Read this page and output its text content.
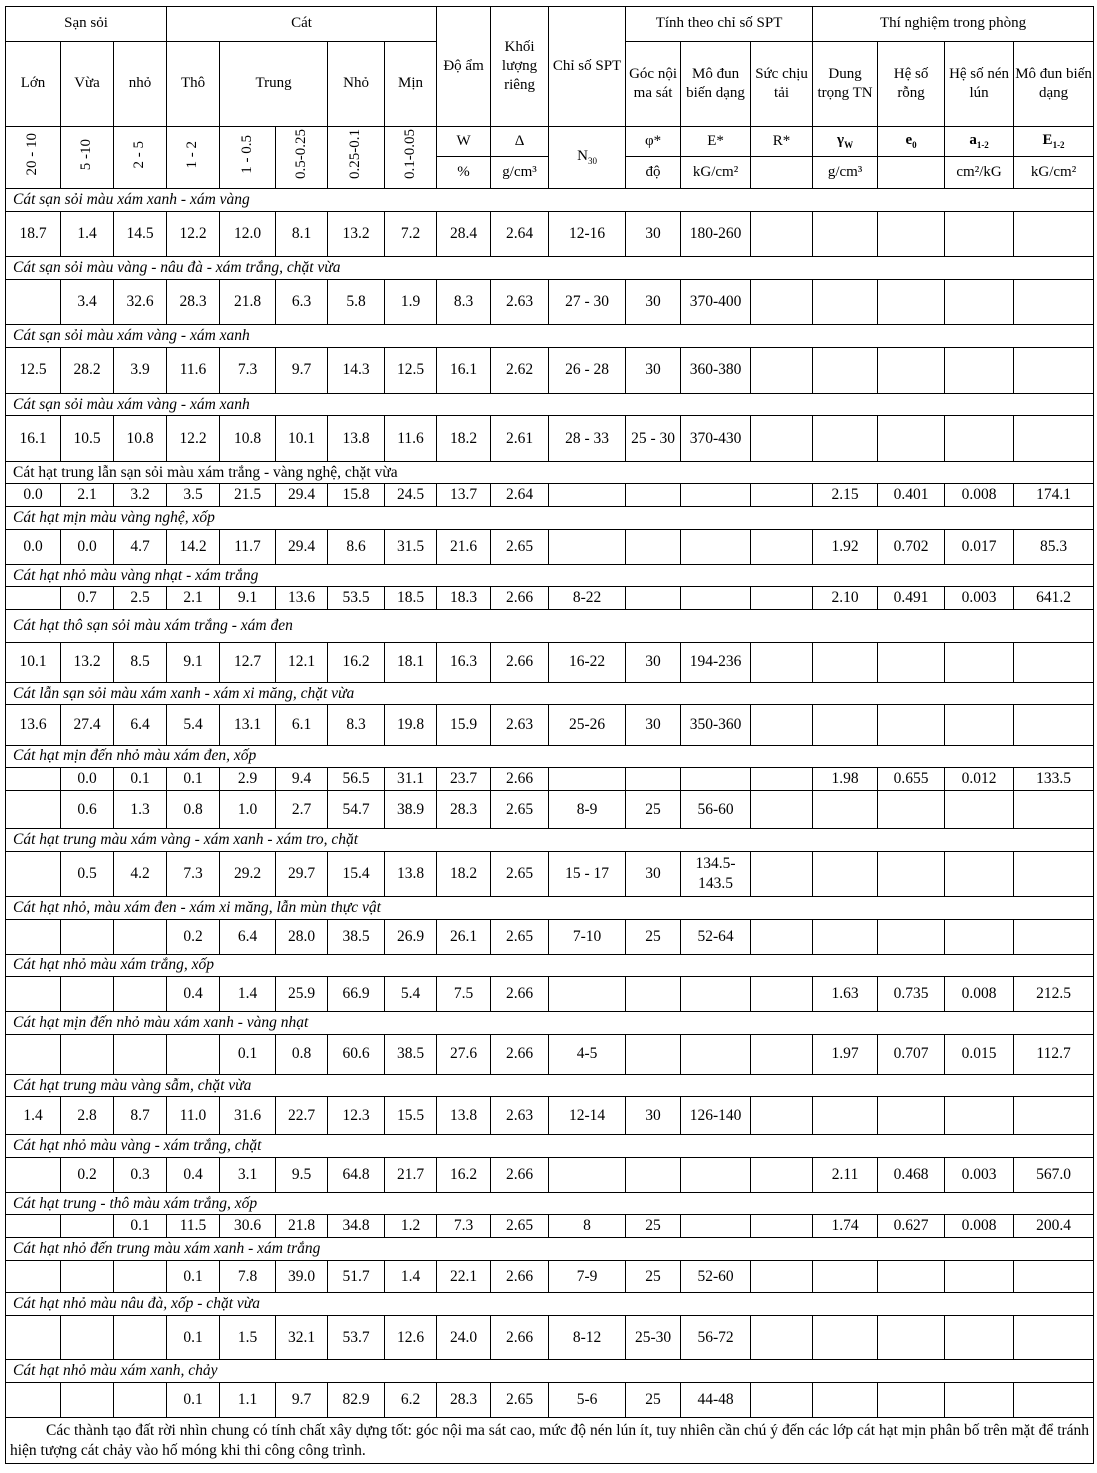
Sạn sỏi			Cát					Độ ẩm	Khối lượng riêng	Chỉ số SPT	Tính theo chỉ số SPT			Thí nghiệm trong phòng			
Lớn	Vừa	nhỏ	Thô	Trung		Nhỏ	Mịn				Góc nội ma sát	Mô đun biến dạng	Sức chịu tải	Dung trọng TN	Hệ số rỗng	Hệ số nén lún	Mô đun biến dạng
20 - 10	5 -10	2 - 5	1 - 2	1 - 0.5	0.5-0.25	0.25-0.1	0.1-0.05	W	Δ	$N_{30}$	φ*	E*	R*	$\gamma_W$	$e_0$	$a_{1-2}$	$E_{1-2}$
								%	g/cm³		độ	kG/cm²		g/cm³		cm²/kG	kG/cm²
Cát sạn sỏi màu xám xanh - xám vàng																	
18.7	1.4	14.5	12.2	12.0	8.1	13.2	7.2	28.4	2.64	12-16	30	180-260					
Cát sạn sỏi màu vàng - nâu đà - xám trắng, chặt vừa																	
	3.4	32.6	28.3	21.8	6.3	5.8	1.9	8.3	2.63	27 - 30	30	370-400					
Cát sạn sỏi màu xám vàng - xám xanh																	
12.5	28.2	3.9	11.6	7.3	9.7	14.3	12.5	16.1	2.62	26 - 28	30	360-380					
Cát sạn sỏi màu xám vàng - xám xanh																	
16.1	10.5	10.8	12.2	10.8	10.1	13.8	11.6	18.2	2.61	28 - 33	25 - 30	370-430					
Cát hạt trung lẫn sạn sỏi màu xám trắng - vàng nghệ, chặt vừa																	
0.0	2.1	3.2	3.5	21.5	29.4	15.8	24.5	13.7	2.64					2.15	0.401	0.008	174.1
Cát hạt mịn màu vàng nghệ, xốp																	
0.0	0.0	4.7	14.2	11.7	29.4	8.6	31.5	21.6	2.65					1.92	0.702	0.017	85.3
Cát hạt nhỏ màu vàng nhạt - xám trắng																	
	0.7	2.5	2.1	9.1	13.6	53.5	18.5	18.3	2.66	8-22				2.10	0.491	0.003	641.2
Cát hạt thô sạn sỏi màu xám trắng - xám đen																	
10.1	13.2	8.5	9.1	12.7	12.1	16.2	18.1	16.3	2.66	16-22	30	194-236					
Cát lẫn sạn sỏi màu xám xanh - xám xi măng, chặt vừa																	
13.6	27.4	6.4	5.4	13.1	6.1	8.3	19.8	15.9	2.63	25-26	30	350-360					
Cát hạt mịn đến nhỏ màu xám đen, xốp																	
	0.0	0.1	0.1	2.9	9.4	56.5	31.1	23.7	2.66					1.98	0.655	0.012	133.5
	0.6	1.3	0.8	1.0	2.7	54.7	38.9	28.3	2.65	8-9	25	56-60					
Cát hạt trung màu xám vàng - xám xanh - xám tro, chặt																	
	0.5	4.2	7.3	29.2	29.7	15.4	13.8	18.2	2.65	15 - 17	30	134.5-143.5					
Cát hạt nhỏ, màu xám đen - xám xi măng, lẫn mùn thực vật																	
			0.2	6.4	28.0	38.5	26.9	26.1	2.65	7-10	25	52-64					
Cát hạt nhỏ màu xám trắng, xốp																	
			0.4	1.4	25.9	66.9	5.4	7.5	2.66					1.63	0.735	0.008	212.5
Cát hạt mịn đến nhỏ màu xám xanh - vàng nhạt																	
				0.1	0.8	60.6	38.5	27.6	2.66	4-5				1.97	0.707	0.015	112.7
Cát hạt trung màu vàng sẫm, chặt vừa																	
1.4	2.8	8.7	11.0	31.6	22.7	12.3	15.5	13.8	2.63	12-14	30	126-140					
Cát hạt nhỏ màu vàng - xám trắng, chặt																	
	0.2	0.3	0.4	3.1	9.5	64.8	21.7	16.2	2.66					2.11	0.468	0.003	567.0
Cát hạt trung - thô màu xám trắng, xốp																	
		0.1	11.5	30.6	21.8	34.8	1.2	7.3	2.65	8	25			1.74	0.627	0.008	200.4
Cát hạt nhỏ đến trung màu xám xanh - xám trắng																	
			0.1	7.8	39.0	51.7	1.4	22.1	2.66	7-9	25	52-60					
Cát hạt nhỏ màu nâu đà, xốp - chặt vừa																	
			0.1	1.5	32.1	53.7	12.6	24.0	2.66	8-12	25-30	56-72					
Cát hạt nhỏ màu xám xanh, chảy																	
			0.1	1.1	9.7	82.9	6.2	28.3	2.65	5-6	25	44-48					
Các thành tạo đất rời nhìn chung có tính chất xây dựng tốt: góc nội ma sát cao, mức độ nén lún ít, tuy nhiên cần chú ý đến các lớp cát hạt mịn phân bố trên mặt để tránh hiện tượng cát chảy vào hố móng khi thi công công trình.																	
